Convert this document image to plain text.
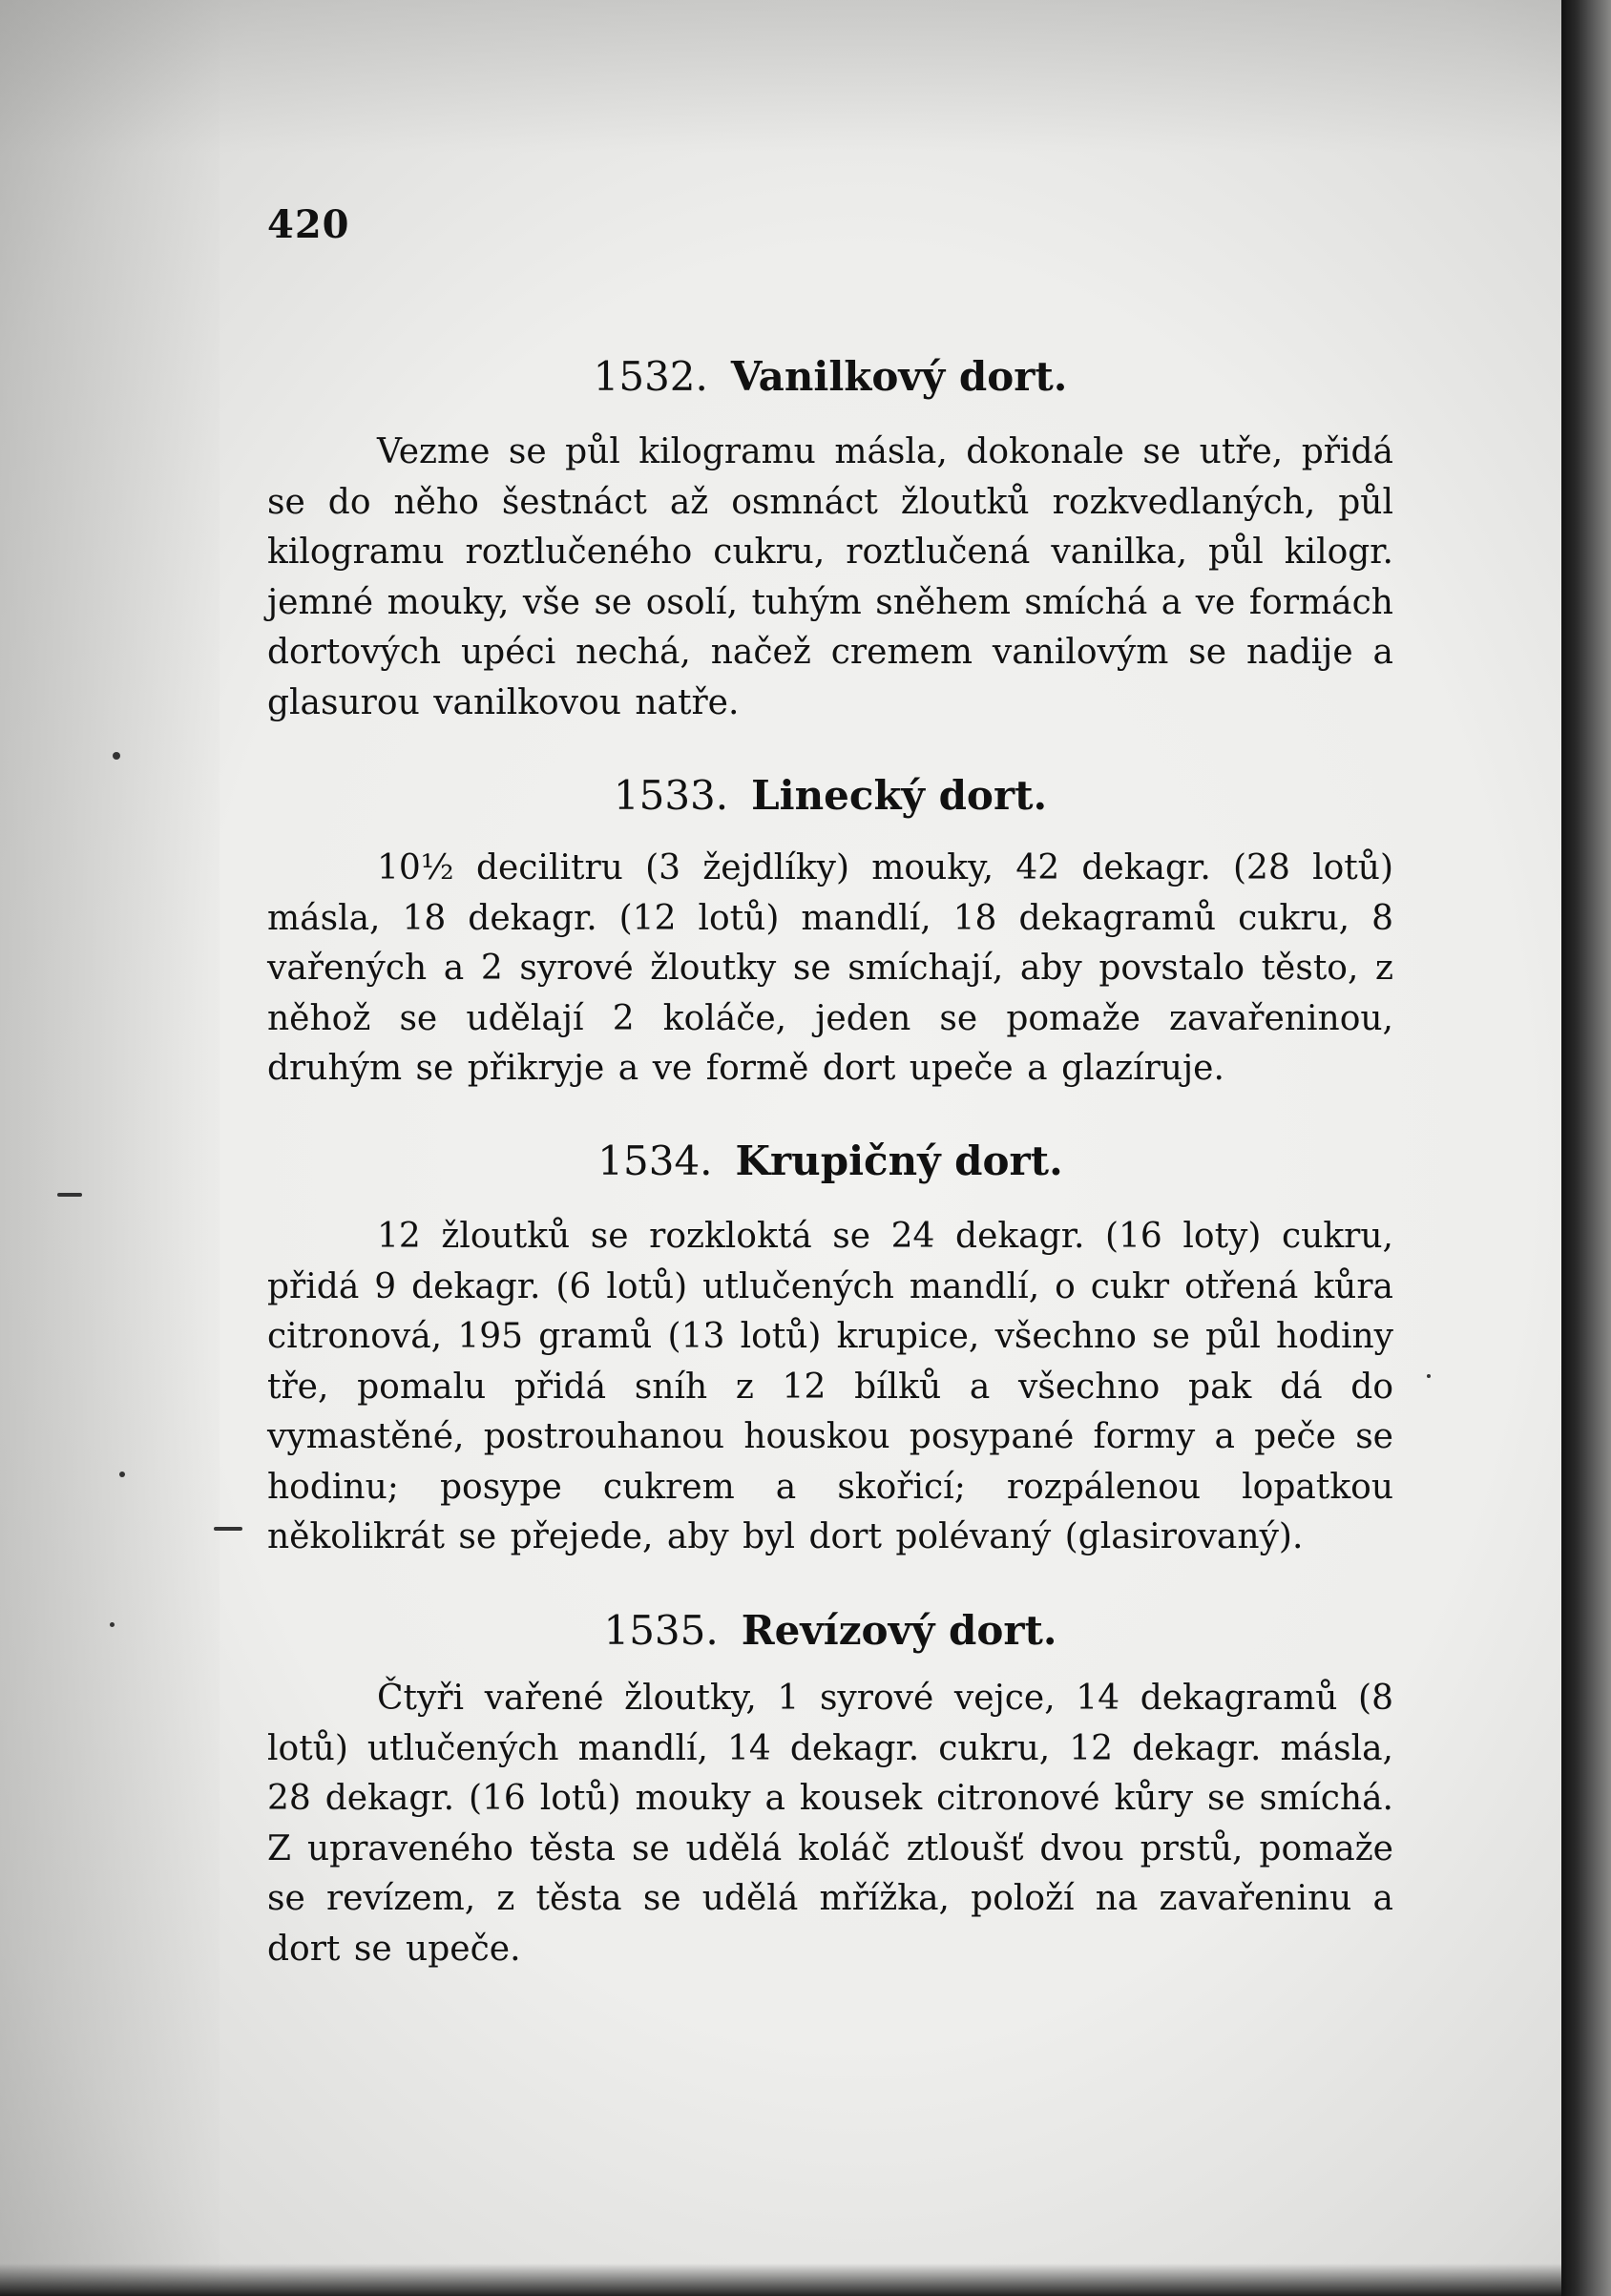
420
1532. Vanilkový dort.

Vezme se půl kilogramu másla, dokonale se utře, přidá se do něho šestnáct až osmnáct žloutků rozkvedlaných, půl kilogramu roztlučeného cukru, roztlučená vanilka, půl kilogr. jemné mouky, vše se osolí, tuhým sněhem smíchá a ve formách dortových upéci nechá, načež cremem vanilovým se nadije a glasurou vanilkovou natře.

1533. Linecký dort.

10½ decilitru (3 žejdlíky) mouky, 42 dekagr. (28 lotů) másla, 18 dekagr. (12 lotů) mandlí, 18 dekagramů cukru, 8 vařených a 2 syrové žloutky se smíchají, aby povstalo těsto, z něhož se udělají 2 koláče, jeden se pomaže zavařeninou, druhým se přikryje a ve formě dort upeče a glazíruje.

1534. Krupičný dort.

12 žloutků se rozkloktá se 24 dekagr. (16 loty) cukru, přidá 9 dekagr. (6 lotů) utlučených mandlí, o cukr otřená kůra citronová, 195 gramů (13 lotů) krupice, všechno se půl hodiny tře, pomalu přidá sníh z 12 bílků a všechno pak dá do vymastěné, postrouhanou houskou posypané formy a peče se hodinu; posype cukrem a skořicí; rozpálenou lopatkou několikrát se přejede, aby byl dort polévaný (glasirovaný).

1535. Revízový dort.

Čtyři vařené žloutky, 1 syrové vejce, 14 dekagramů (8 lotů) utlučených mandlí, 14 dekagr. cukru, 12 dekagr. másla, 28 dekagr. (16 lotů) mouky a kousek citronové kůry se smíchá. Z upraveného těsta se udělá koláč ztloušť dvou prstů, pomaže se revízem, z těsta se udělá mřížka, položí na zavařeninu a dort se upeče.
